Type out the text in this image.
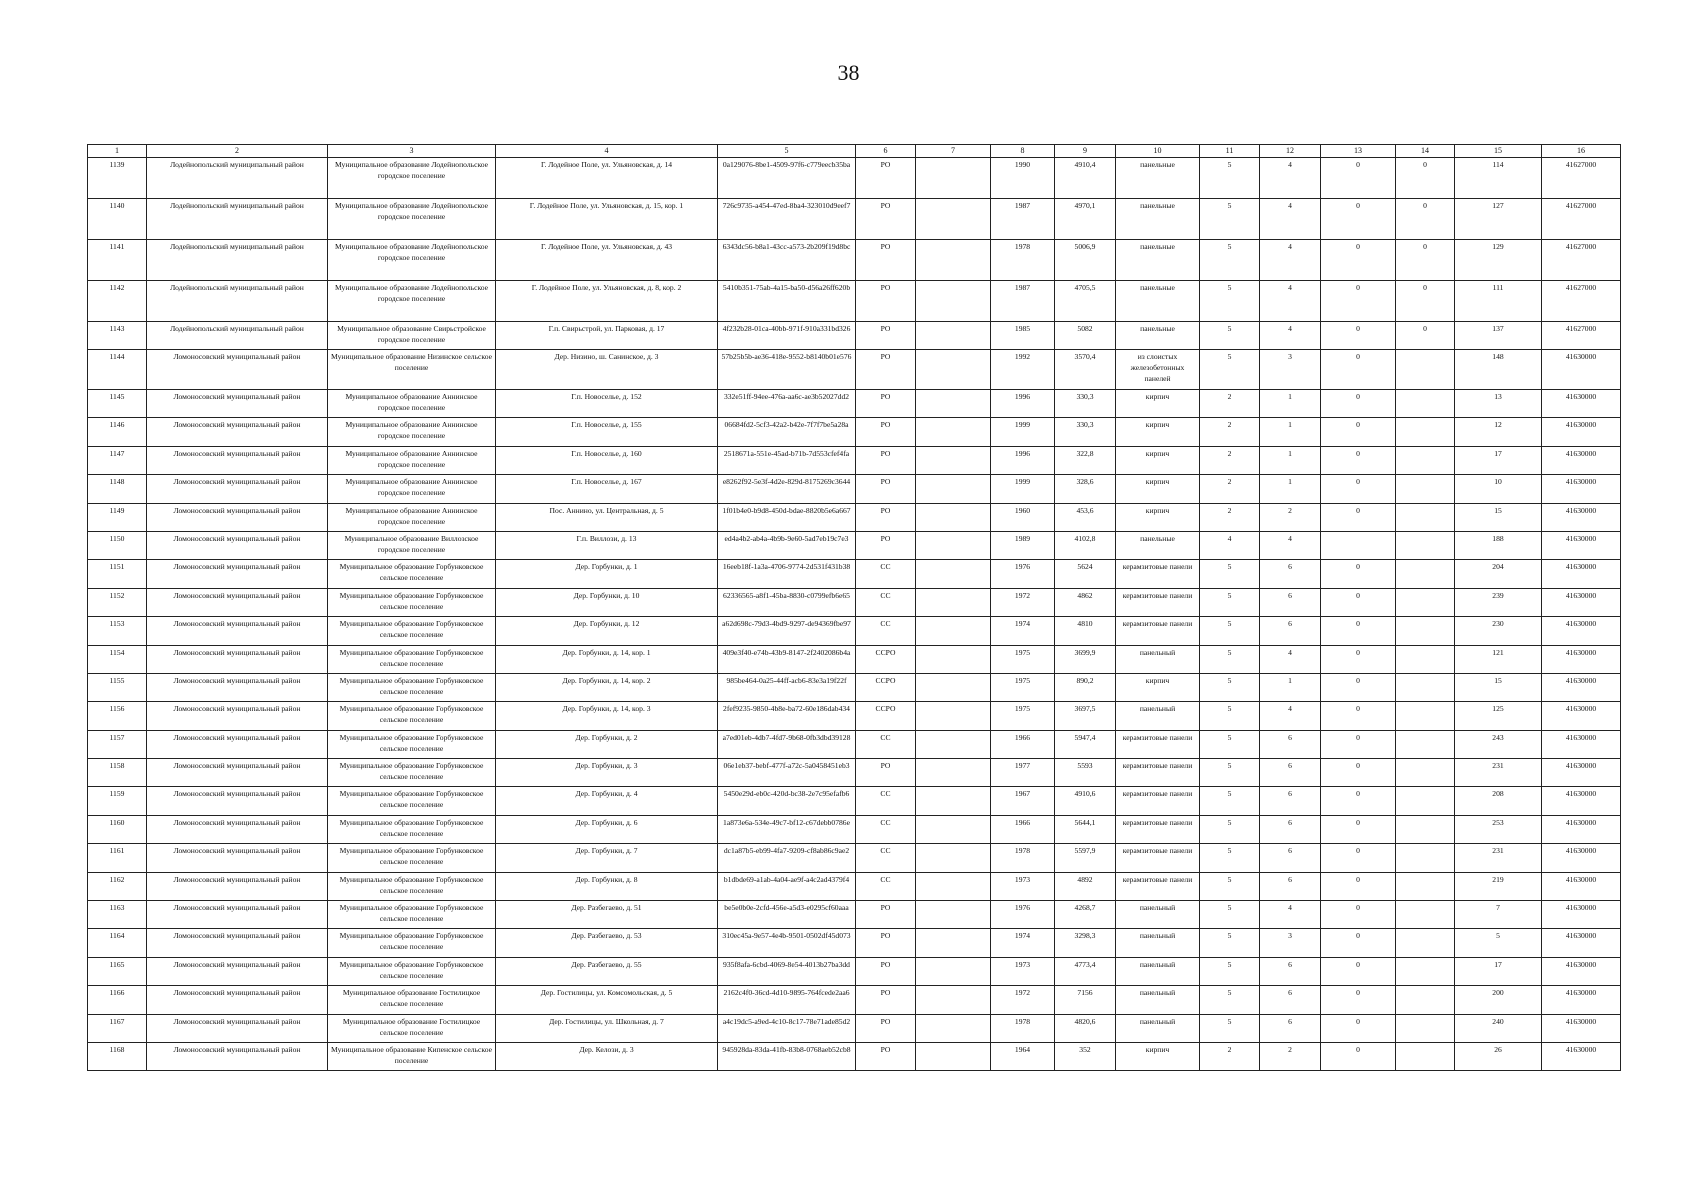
38
1	2	3	4	5	6	7	8	9	10	11	12	13	14	15	16
1139	Лодейнопольский муниципальный район	Муниципальное образование Лодейнопольское городское поселение	Г. Лодейное Поле, ул. Ульяновская, д. 14	0a129076-8be1-4509-97f6-c779eecb35ba	РО		1990	4910,4	панельные	5	4	0	0	114	41627000
1140	Лодейнопольский муниципальный район	Муниципальное образование Лодейнопольское городское поселение	Г. Лодейное Поле, ул. Ульяновская, д. 15, кор. 1	726c9735-a454-47ed-8ba4-323010d9eef7	РО		1987	4970,1	панельные	5	4	0	0	127	41627000
1141	Лодейнопольский муниципальный район	Муниципальное образование Лодейнопольское городское поселение	Г. Лодейное Поле, ул. Ульяновская, д. 43	6343dc56-b8a1-43cc-a573-2b209f19d8bc	РО		1978	5006,9	панельные	5	4	0	0	129	41627000
1142	Лодейнопольский муниципальный район	Муниципальное образование Лодейнопольское городское поселение	Г. Лодейное Поле, ул. Ульяновская, д. 8, кор. 2	5410b351-75ab-4a15-ba50-d56a26ff620b	РО		1987	4705,5	панельные	5	4	0	0	111	41627000
1143	Лодейнопольский муниципальный район	Муниципальное образование Свирьстройское городское поселение	Г.п. Свирьстрой, ул. Парковая, д. 17	4f232b28-01ca-40bb-971f-910a331bd326	РО		1985	5082	панельные	5	4	0	0	137	41627000
1144	Ломоносовский муниципальный район	Муниципальное образование Низинское сельское поселение	Дер. Низино, ш. Санинское, д. 3	57b25b5b-ae36-418e-9552-b8140b01e576	РО		1992	3570,4	из слоистых железобетонных панелей	5	3	0		148	41630000
1145	Ломоносовский муниципальный район	Муниципальное образование Аннинское городское поселение	Г.п. Новоселье, д. 152	332e51ff-94ee-476a-aa6c-ae3b52027dd2	РО		1996	330,3	кирпич	2	1	0		13	41630000
1146	Ломоносовский муниципальный район	Муниципальное образование Аннинское городское поселение	Г.п. Новоселье, д. 155	06684fd2-5cf3-42a2-b42e-7f7f7be5a28a	РО		1999	330,3	кирпич	2	1	0		12	41630000
1147	Ломоносовский муниципальный район	Муниципальное образование Аннинское городское поселение	Г.п. Новоселье, д. 160	2518671a-551e-45ad-b71b-7d553cfef4fa	РО		1996	322,8	кирпич	2	1	0		17	41630000
1148	Ломоносовский муниципальный район	Муниципальное образование Аннинское городское поселение	Г.п. Новоселье, д. 167	e8262f92-5e3f-4d2e-829d-8175269c3644	РО		1999	328,6	кирпич	2	1	0		10	41630000
1149	Ломоносовский муниципальный район	Муниципальное образование Аннинское городское поселение	Пос. Аннино, ул. Центральная, д. 5	1f01b4e0-b9d8-450d-bdae-8820b5e6a667	РО		1960	453,6	кирпич	2	2	0		15	41630000
1150	Ломоносовский муниципальный район	Муниципальное образование Виллозское городское поселение	Г.п. Виллози, д. 13	ed4a4b2-ab4a-4b9b-9e60-5ad7eb19c7e3	РО		1989	4102,8	панельные	4	4			188	41630000
1151	Ломоносовский муниципальный район	Муниципальное образование Горбунковское сельское поселение	Дер. Горбунки, д. 1	16eeb18f-1a3a-4706-9774-2d531f431b38	СС		1976	5624	керамзитовые панели	5	6	0		204	41630000
1152	Ломоносовский муниципальный район	Муниципальное образование Горбунковское сельское поселение	Дер. Горбунки, д. 10	62336565-a8f1-45ba-8830-c0799efb6e65	СС		1972	4862	керамзитовые панели	5	6	0		239	41630000
1153	Ломоносовский муниципальный район	Муниципальное образование Горбунковское сельское поселение	Дер. Горбунки, д. 12	a62d698c-79d3-4bd9-9297-de94369fbe97	СС		1974	4810	керамзитовые панели	5	6	0		230	41630000
1154	Ломоносовский муниципальный район	Муниципальное образование Горбунковское сельское поселение	Дер. Горбунки, д. 14, кор. 1	409e3f40-e74b-43b9-8147-2f2402086b4a	ССРО		1975	3699,9	панельный	5	4	0		121	41630000
1155	Ломоносовский муниципальный район	Муниципальное образование Горбунковское сельское поселение	Дер. Горбунки, д. 14, кор. 2	985be464-0a25-44ff-acb6-83e3a19f22f	ССРО		1975	890,2	кирпич	5	1	0		15	41630000
1156	Ломоносовский муниципальный район	Муниципальное образование Горбунковское сельское поселение	Дер. Горбунки, д. 14, кор. 3	2fef9235-9850-4b8e-ba72-60e186dab434	ССРО		1975	3697,5	панельный	5	4	0		125	41630000
1157	Ломоносовский муниципальный район	Муниципальное образование Горбунковское сельское поселение	Дер. Горбунки, д. 2	a7ed01eb-4db7-4fd7-9b68-0fb3dbd39128	СС		1966	5947,4	керамзитовые панели	5	6	0		243	41630000
1158	Ломоносовский муниципальный район	Муниципальное образование Горбунковское сельское поселение	Дер. Горбунки, д. 3	06e1eb37-bebf-477f-a72c-5a0458451eb3	РО		1977	5593	керамзитовые панели	5	6	0		231	41630000
1159	Ломоносовский муниципальный район	Муниципальное образование Горбунковское сельское поселение	Дер. Горбунки, д. 4	5450e29d-eb0c-420d-bc38-2e7c95efafb6	СС		1967	4910,6	керамзитовые панели	5	6	0		208	41630000
1160	Ломоносовский муниципальный район	Муниципальное образование Горбунковское сельское поселение	Дер. Горбунки, д. 6	1a873e6a-534e-49c7-bf12-c67debb0786e	СС		1966	5644,1	керамзитовые панели	5	6	0		253	41630000
1161	Ломоносовский муниципальный район	Муниципальное образование Горбунковское сельское поселение	Дер. Горбунки, д. 7	dc1a87b5-eb99-4fa7-9209-cf8ab86c9ae2	СС		1978	5597,9	керамзитовые панели	5	6	0		231	41630000
1162	Ломоносовский муниципальный район	Муниципальное образование Горбунковское сельское поселение	Дер. Горбунки, д. 8	b1dbde69-a1ab-4a04-ae9f-a4c2ad4379f4	СС		1973	4892	керамзитовые панели	5	6	0		219	41630000
1163	Ломоносовский муниципальный район	Муниципальное образование Горбунковское сельское поселение	Дер. Разбегаево, д. 51	be5e0b0e-2cfd-456e-a5d3-e0295cf60aaa	РО		1976	4268,7	панельный	5	4	0		7	41630000
1164	Ломоносовский муниципальный район	Муниципальное образование Горбунковское сельское поселение	Дер. Разбегаево, д. 53	310ec45a-9e57-4e4b-9501-0502df45d073	РО		1974	3298,3	панельный	5	3	0		5	41630000
1165	Ломоносовский муниципальный район	Муниципальное образование Горбунковское сельское поселение	Дер. Разбегаево, д. 55	935f8afa-6cbd-4069-8e54-4013b27ba3dd	РО		1973	4773,4	панельный	5	6	0		17	41630000
1166	Ломоносовский муниципальный район	Муниципальное образование Гостилицкое сельское поселение	Дер. Гостилицы, ул. Комсомольская, д. 5	2162c4f0-36cd-4d10-9895-764fcede2aa6	РО		1972	7156	панельный	5	6	0		200	41630000
1167	Ломоносовский муниципальный район	Муниципальное образование Гостилицкое сельское поселение	Дер. Гостилицы, ул. Школьная, д. 7	a4c19dc5-a9ed-4c10-8c17-78e71ade85d2	РО		1978	4820,6	панельный	5	6	0		240	41630000
1168	Ломоносовский муниципальный район	Муниципальное образование Кипенское сельское поселение	Дер. Келози, д. 3	945928da-83da-41fb-83b8-0768aeb52cb8	РО		1964	352	кирпич	2	2	0		26	41630000
